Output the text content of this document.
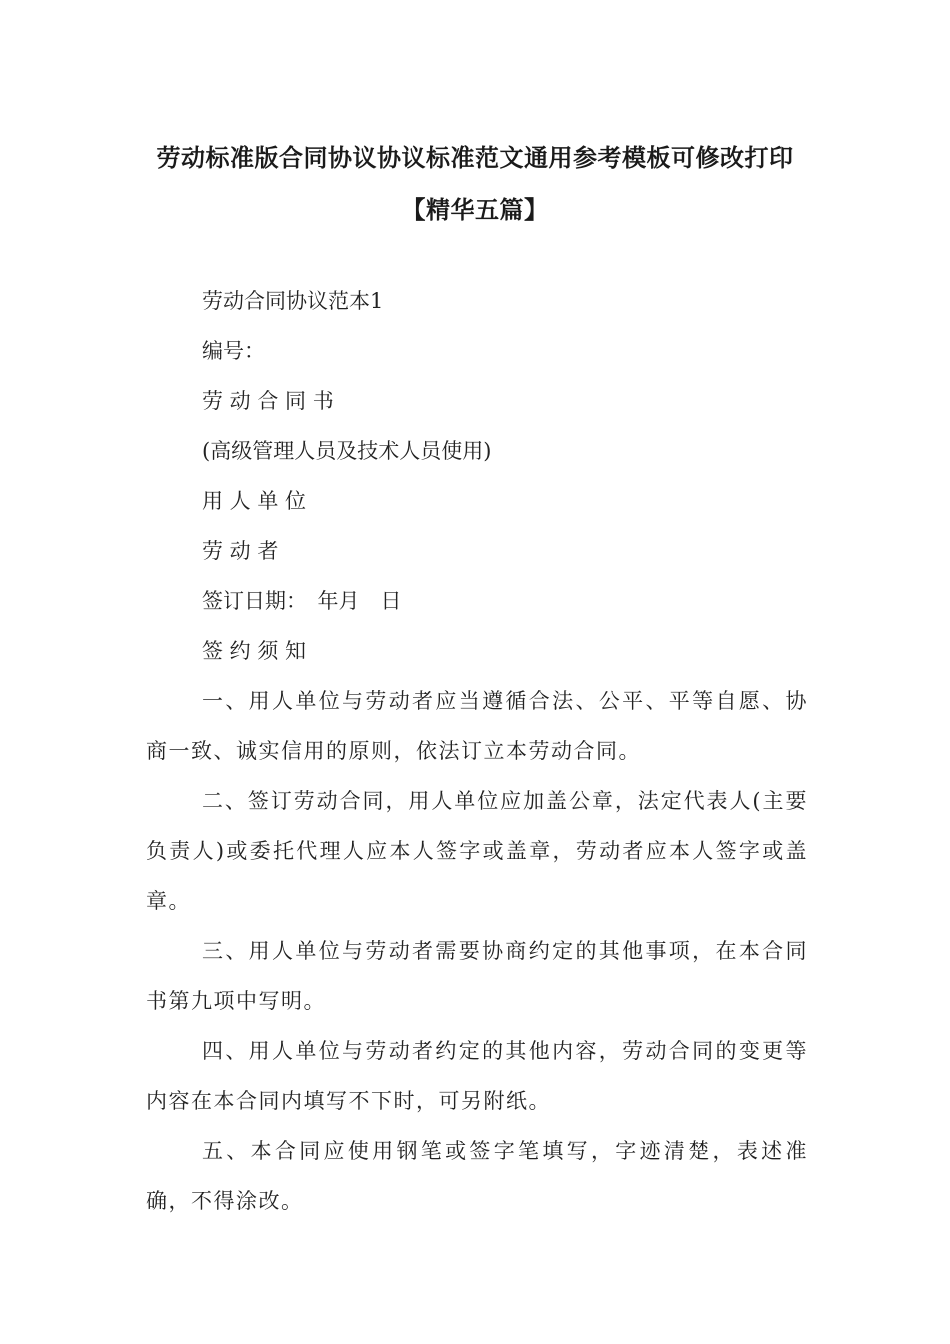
劳动标准版合同协议协议标准范文通用参考模板可修改打印【精华五篇】

劳动合同协议范本1

编号：

劳 动 合 同 书

(高级管理人员及技术人员使用)

用 人 单 位

劳 动 者

签订日期：　年月　日

签 约 须 知

一、用人单位与劳动者应当遵循合法、公平、平等自愿、协商一致、诚实信用的原则，依法订立本劳动合同。

二、签订劳动合同，用人单位应加盖公章，法定代表人(主要负责人)或委托代理人应本人签字或盖章，劳动者应本人签字或盖章。

三、用人单位与劳动者需要协商约定的其他事项，在本合同书第九项中写明。

四、用人单位与劳动者约定的其他内容，劳动合同的变更等内容在本合同内填写不下时，可另附纸。

五、本合同应使用钢笔或签字笔填写，字迹清楚，表述准确，不得涂改。
